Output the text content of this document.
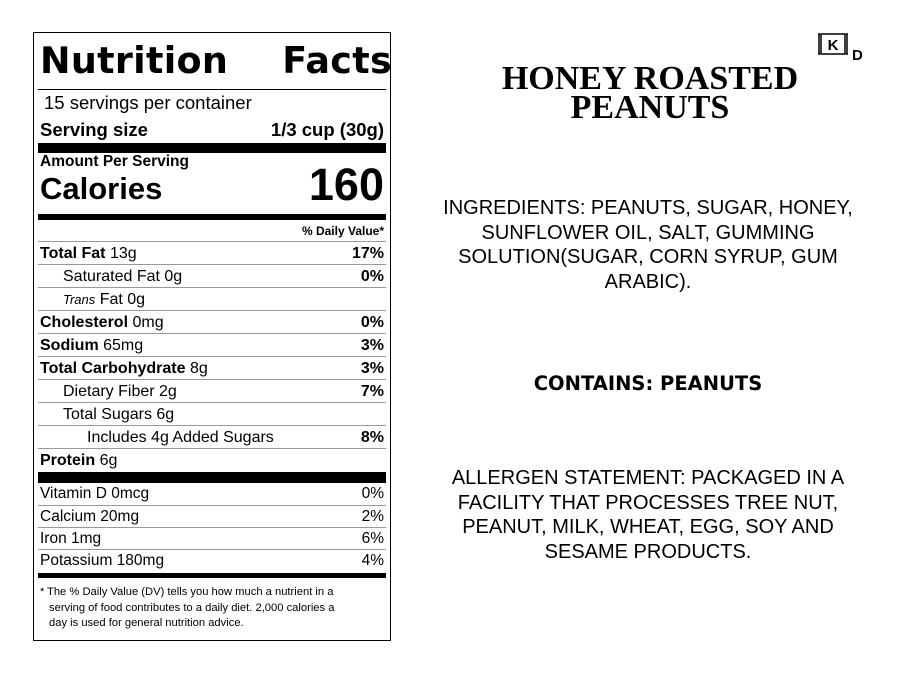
Nutrition Facts
15 servings per container
Serving size	1/3 cup (30g)
Amount Per Serving
Calories	160
% Daily Value*
Total Fat 13g	17%
Saturated Fat 0g	0%
Trans Fat 0g
Cholesterol 0mg	0%
Sodium 65mg	3%
Total Carbohydrate 8g	3%
Dietary Fiber 2g	7%
Total Sugars 6g
Includes 4g Added Sugars	8%
Protein 6g
Vitamin D 0mcg	0%
Calcium 20mg	2%
Iron 1mg	6%
Potassium 180mg	4%
* The % Daily Value (DV) tells you how much a nutrient in a
serving of food contributes to a daily diet. 2,000 calories a
day is used for general nutrition advice.
K
D
HONEY ROASTED
PEANUTS
INGREDIENTS: PEANUTS, SUGAR, HONEY,
SUNFLOWER OIL, SALT, GUMMING
SOLUTION(SUGAR, CORN SYRUP, GUM
ARABIC).
CONTAINS: PEANUTS
ALLERGEN STATEMENT: PACKAGED IN A
FACILITY THAT PROCESSES TREE NUT,
PEANUT, MILK, WHEAT, EGG, SOY AND
SESAME PRODUCTS.
